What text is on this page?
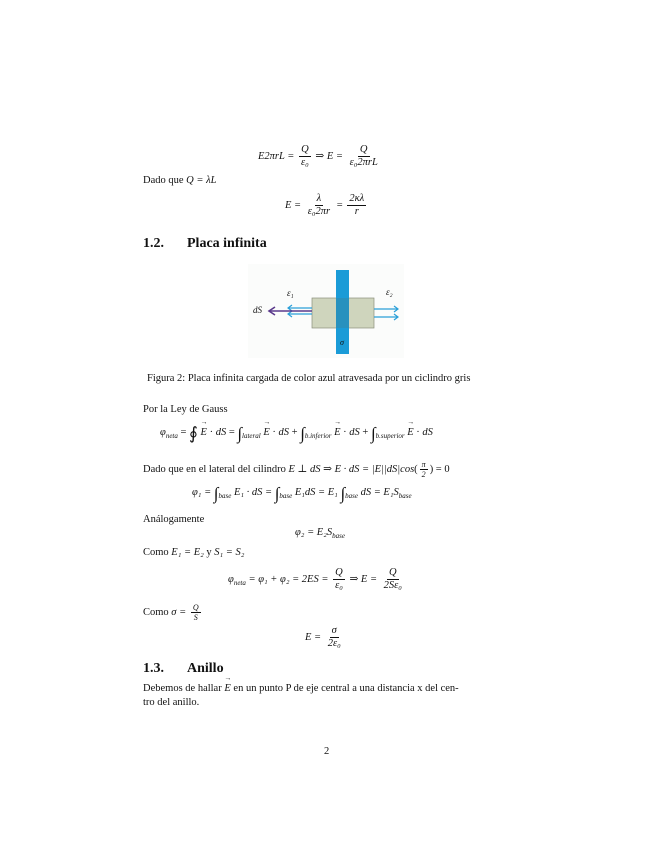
$E2\pi rL = \frac{Q}{\text{ε₀}}$ ⇒ $E = \frac{Q}{\text{ε₀2πrL}}$
Dado que Q = λL
$E = \frac{\lambda}{\text{ε₀2πr}} = \frac{2\kappa\lambda}{r}$
1.2. Placa infinita
ε₁	ε₂
dS
σ
Figura 2: Placa infinita cargada de color azul atravesada por un ciclindro gris
Por la Ley de Gauss
$\varphi_{neta}$ = ∮ → E · dS = $\int_{lateral} \to E$ · dS + $\int_{b.inferior} \to E$ · dS + $\int_{b.superior} \to E$ · dS
Dado que en el lateral del cilindro E ⊥ dS ⇒ E · dS = $|E||dS|\cos( \frac{\pi}{2}$ ) = 0
$\varphi_1 = \int_{base}$ E₁ · dS = $\int_{base}$ E₁dS = E₁ $\int_{base}$ dS = $E_1S_{base}$
Análogamente
$\varphi_2 = E_2S_{base}$
Como E₁ = E₂ y S₁ = S₂
$\varphi_{neta} = \varphi_1 + \varphi_2 = 2ES = \frac{Q}{\text{ε₀}}$ ⇒ $E = \frac{Q}{\text{2Sε₀}}$
Como $\sigma = \frac{Q}{S}$
$E = \frac{\sigma}{\text{2ε₀}}$
1.3. Anillo
Debemos de hallar → E en un punto P de eje central a una distancia x del cen-
tro del anillo.
2
